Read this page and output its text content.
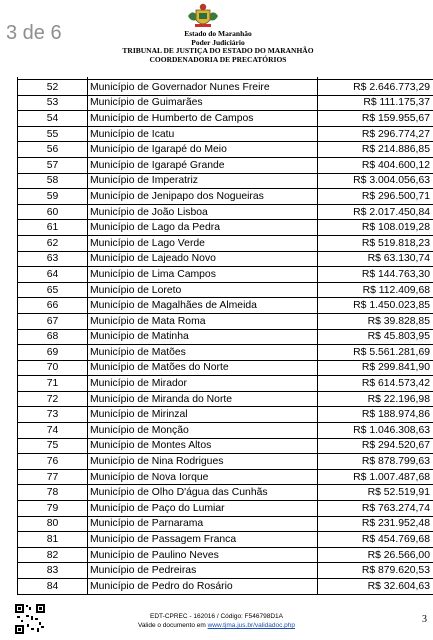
3 de 6	Estado do Maranhão
Poder Judiciário
TRIBUNAL DE JUSTIÇA DO ESTADO DO MARANHÃO
COORDENADORIA DE PRECATÓRIOS

52	Município de Governador Nunes Freire	R$ 2.646.773,29
53	Município de Guimarães	R$ 111.175,37
54	Município de Humberto de Campos	R$ 159.955,67
55	Município de Icatu	R$ 296.774,27
56	Município de Igarapé do Meio	R$ 214.886,85
57	Município de Igarapé Grande	R$ 404.600,12
58	Município de Imperatriz	R$ 3.004.056,63
59	Município de Jenipapo dos Nogueiras	R$ 296.500,71
60	Município de João Lisboa	R$ 2.017.450,84
61	Município de Lago da Pedra	R$ 108.019,28
62	Município de Lago Verde	R$ 519.818,23
63	Município de Lajeado Novo	R$ 63.130,74
64	Município de Lima Campos	R$ 144.763,30
65	Município de Loreto	R$ 112.409,68
66	Município de Magalhães de Almeida	R$ 1.450.023,85
67	Município de Mata Roma	R$ 39.828,85
68	Município de Matinha	R$ 45.803,95
69	Município de Matões	R$ 5.561.281,69
70	Município de Matões do Norte	R$ 299.841,90
71	Município de Mirador	R$ 614.573,42
72	Município de Miranda do Norte	R$ 22.196,98
73	Município de Mirinzal	R$ 188.974,86
74	Município de Monção	R$ 1.046.308,63
75	Município de Montes Altos	R$ 294.520,67
76	Município de Nina Rodrigues	R$ 878.799,63
77	Município de Nova Iorque	R$ 1.007.487,68
78	Município de Olho D'água das Cunhãs	R$ 52.519,91
79	Município de Paço do Lumiar	R$ 763.274,74
80	Município de Parnarama	R$ 231.952,48
81	Município de Passagem Franca	R$ 454.769,68
82	Município de Paulino Neves	R$ 26.566,00
83	Município de Pedreiras	R$ 879.620,53
84	Município de Pedro do Rosário	R$ 32.604,63
EDT-CPREC - 162016 / Código: F546798D1A
Valide o documento em www.tjma.jus.br/validadoc.php
3
